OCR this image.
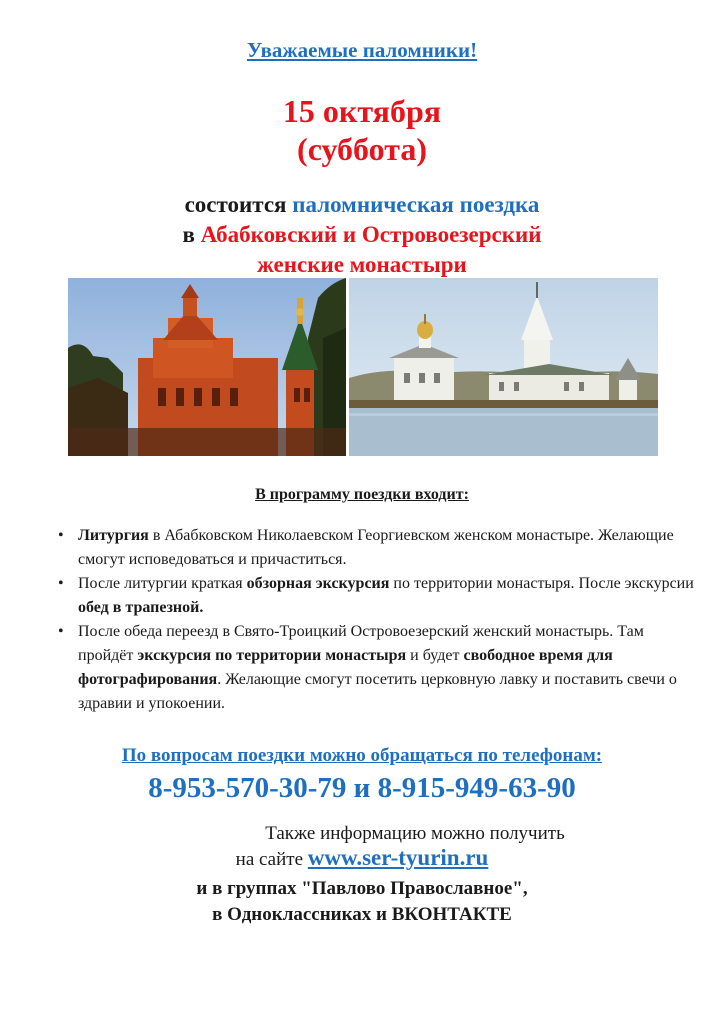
Уважаемые паломники!
15 октября
(суббота)
состоится паломническая поездка
в Абабковский и Островоезерский
женские монастыри
В программу поездки входит:
• Литургия в Абабковском Николаевском Георгиевском женском монастыре. Желающие смогут исповедоваться и причаститься.
• После литургии краткая обзорная экскурсия по территории монастыря. После экскурсии обед в трапезной.
• После обеда переезд в Свято-Троицкий Островоезерский женский монастырь. Там пройдёт экскурсия по территории монастыря и будет свободное время для фотографирования. Желающие смогут посетить церковную лавку и поставить свечи о здравии и упокоении.
По вопросам поездки можно обращаться по телефонам:
8-953-570-30-79 и 8-915-949-63-90
Также информацию можно получить
на сайте www.ser-tyurin.ru
и в группах "Павлово Православное",
в Одноклассниках и ВКОНТАКТЕ
